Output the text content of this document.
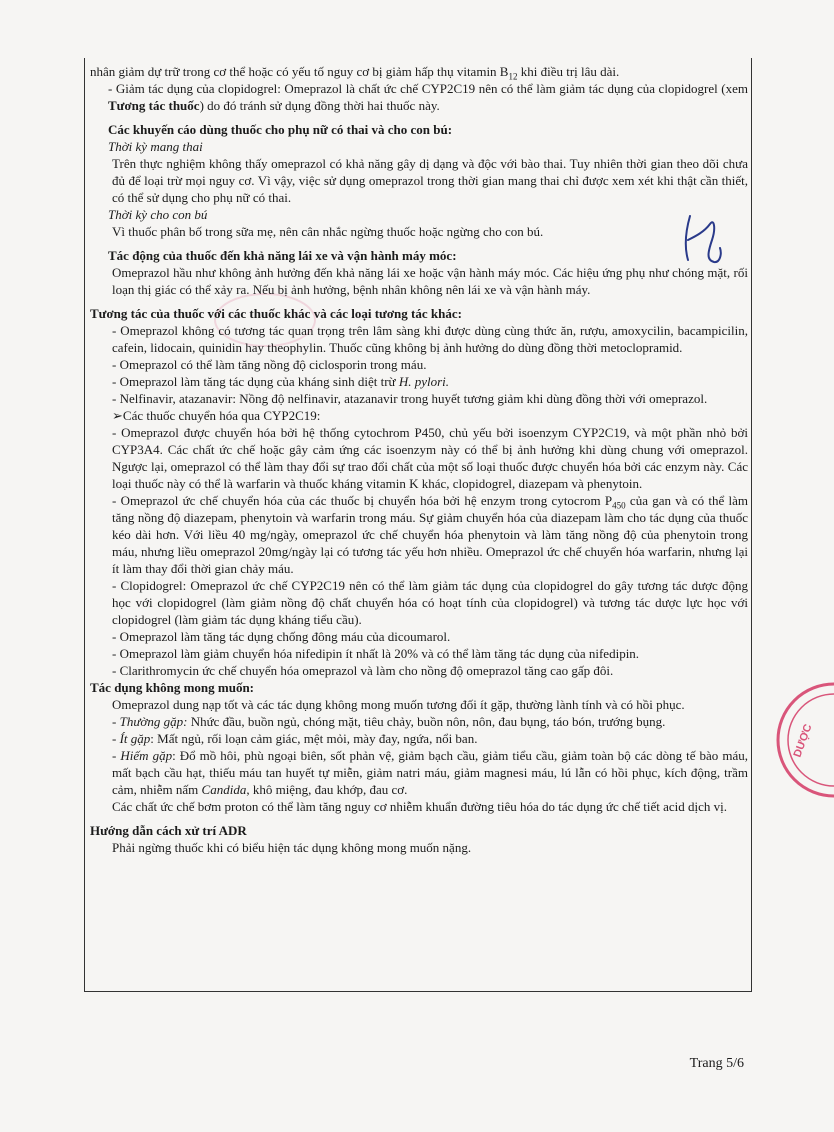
nhân giảm dự trữ trong cơ thể hoặc có yếu tố nguy cơ bị giảm hấp thụ vitamin $B_{12}$ khi điều trị lâu dài.

- Giảm tác dụng của clopidogrel: Omeprazol là chất ức chế CYP2C19 nên có thể làm giảm tác dụng của clopidogrel (xem Tương tác thuốc) do đó tránh sử dụng đồng thời hai thuốc này.

Các khuyến cáo dùng thuốc cho phụ nữ có thai và cho con bú:

Thời kỳ mang thai

Trên thực nghiệm không thấy omeprazol có khả năng gây dị dạng và độc với bào thai. Tuy nhiên thời gian theo dõi chưa đủ để loại trừ mọi nguy cơ. Vì vậy, việc sử dụng omeprazol trong thời gian mang thai chỉ được xem xét khi thật cần thiết, có thể sử dụng cho phụ nữ có thai.

Thời kỳ cho con bú

Vì thuốc phân bố trong sữa mẹ, nên cân nhắc ngừng thuốc hoặc ngừng cho con bú.

Tác động của thuốc đến khả năng lái xe và vận hành máy móc:

Omeprazol hầu như không ảnh hưởng đến khả năng lái xe hoặc vận hành máy móc. Các hiệu ứng phụ như chóng mặt, rối loạn thị giác có thể xảy ra. Nếu bị ảnh hưởng, bệnh nhân không nên lái xe và vận hành máy.

Tương tác của thuốc với các thuốc khác và các loại tương tác khác:

- Omeprazol không có tương tác quan trọng trên lâm sàng khi được dùng cùng thức ăn, rượu, amoxycilin, bacampicilin, cafein, lidocain, quinidin hay theophylin. Thuốc cũng không bị ảnh hưởng do dùng đồng thời metoclopramid.

- Omeprazol có thể làm tăng nồng độ ciclosporin trong máu.

- Omeprazol làm tăng tác dụng của kháng sinh diệt trừ H. pylori.

- Nelfinavir, atazanavir: Nồng độ nelfinavir, atazanavir trong huyết tương giảm khi dùng đồng thời với omeprazol.

➢Các thuốc chuyển hóa qua CYP2C19:

- Omeprazol được chuyển hóa bởi hệ thống cytochrom P450, chủ yếu bởi isoenzym CYP2C19, và một phần nhỏ bởi CYP3A4. Các chất ức chế hoặc gây cảm ứng các isoenzym này có thể bị ảnh hưởng khi dùng chung với omeprazol. Ngược lại, omeprazol có thể làm thay đổi sự trao đổi chất của một số loại thuốc được chuyển hóa bởi các enzym này. Các loại thuốc này có thể là warfarin và thuốc kháng vitamin K khác, clopidogrel, diazepam và phenytoin.

- Omeprazol ức chế chuyển hóa của các thuốc bị chuyển hóa bởi hệ enzym trong cytocrom $P_{450}$ của gan và có thể làm tăng nồng độ diazepam, phenytoin và warfarin trong máu. Sự giảm chuyển hóa của diazepam làm cho tác dụng của thuốc kéo dài hơn. Với liều 40 mg/ngày, omeprazol ức chế chuyển hóa phenytoin và làm tăng nồng độ của phenytoin trong máu, nhưng liều omeprazol 20mg/ngày lại có tương tác yếu hơn nhiều. Omeprazol ức chế chuyển hóa warfarin, nhưng lại ít làm thay đổi thời gian chảy máu.

- Clopidogrel: Omeprazol ức chế CYP2C19 nên có thể làm giảm tác dụng của clopidogrel do gây tương tác dược động học với clopidogrel (làm giảm nồng độ chất chuyển hóa có hoạt tính của clopidogrel) và tương tác dược lực học với clopidogrel (làm giảm tác dụng kháng tiểu cầu).

- Omeprazol làm tăng tác dụng chống đông máu của dicoumarol.

- Omeprazol làm giảm chuyển hóa nifedipin ít nhất là 20% và có thể làm tăng tác dụng của nifedipin.

- Clarithromycin ức chế chuyển hóa omeprazol và làm cho nồng độ omeprazol tăng cao gấp đôi.

Tác dụng không mong muốn:

Omeprazol dung nạp tốt và các tác dụng không mong muốn tương đối ít gặp, thường lành tính và có hồi phục.

- Thường gặp: Nhức đầu, buồn ngủ, chóng mặt, tiêu chảy, buồn nôn, nôn, đau bụng, táo bón, trướng bụng.

- Ít gặp: Mất ngủ, rối loạn cảm giác, mệt mỏi, mày đay, ngứa, nổi ban.

- Hiếm gặp: Đổ mồ hôi, phù ngoại biên, sốt phản vệ, giảm bạch cầu, giảm tiểu cầu, giảm toàn bộ các dòng tế bào máu, mất bạch cầu hạt, thiếu máu tan huyết tự miễn, giảm natri máu, giảm magnesi máu, lú lẫn có hồi phục, kích động, trầm cảm, nhiễm nấm Candida, khô miệng, đau khớp, đau cơ.

Các chất ức chế bơm proton có thể làm tăng nguy cơ nhiễm khuẩn đường tiêu hóa do tác dụng ức chế tiết acid dịch vị.

Hướng dẫn cách xử trí ADR

Phải ngừng thuốc khi có biểu hiện tác dụng không mong muốn nặng.

DƯỢC
Trang 5/6
